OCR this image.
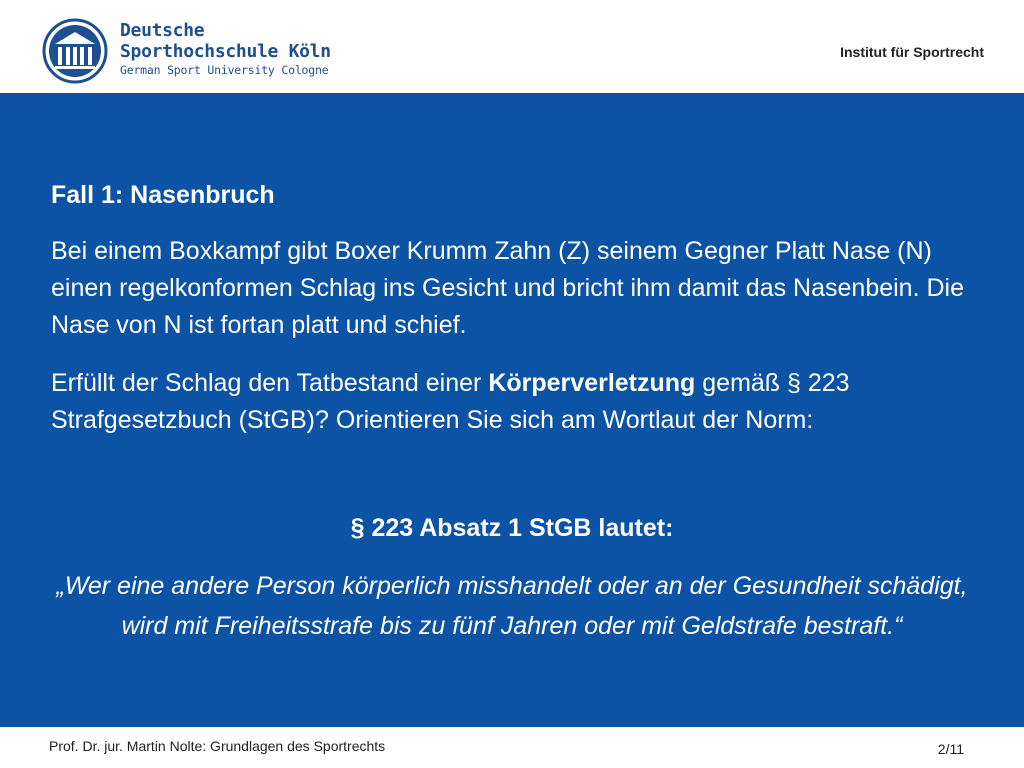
Deutsche
Sporthochschule Köln
German Sport University Cologne
Institut für Sportrecht
Fall 1: Nasenbruch
Bei einem Boxkampf gibt Boxer Krumm Zahn (Z) seinem Gegner Platt Nase (N) einen regelkonformen Schlag ins Gesicht und bricht ihm damit das Nasenbein. Die Nase von N ist fortan platt und schief.
Erfüllt der Schlag den Tatbestand einer Körperverletzung gemäß § 223 Strafgesetzbuch (StGB)? Orientieren Sie sich am Wortlaut der Norm:
§ 223 Absatz 1 StGB lautet:
„Wer eine andere Person körperlich misshandelt oder an der Gesundheit schädigt, wird mit Freiheitsstrafe bis zu fünf Jahren oder mit Geldstrafe bestraft.“
Prof. Dr. jur. Martin Nolte: Grundlagen des Sportrechts	2/11
